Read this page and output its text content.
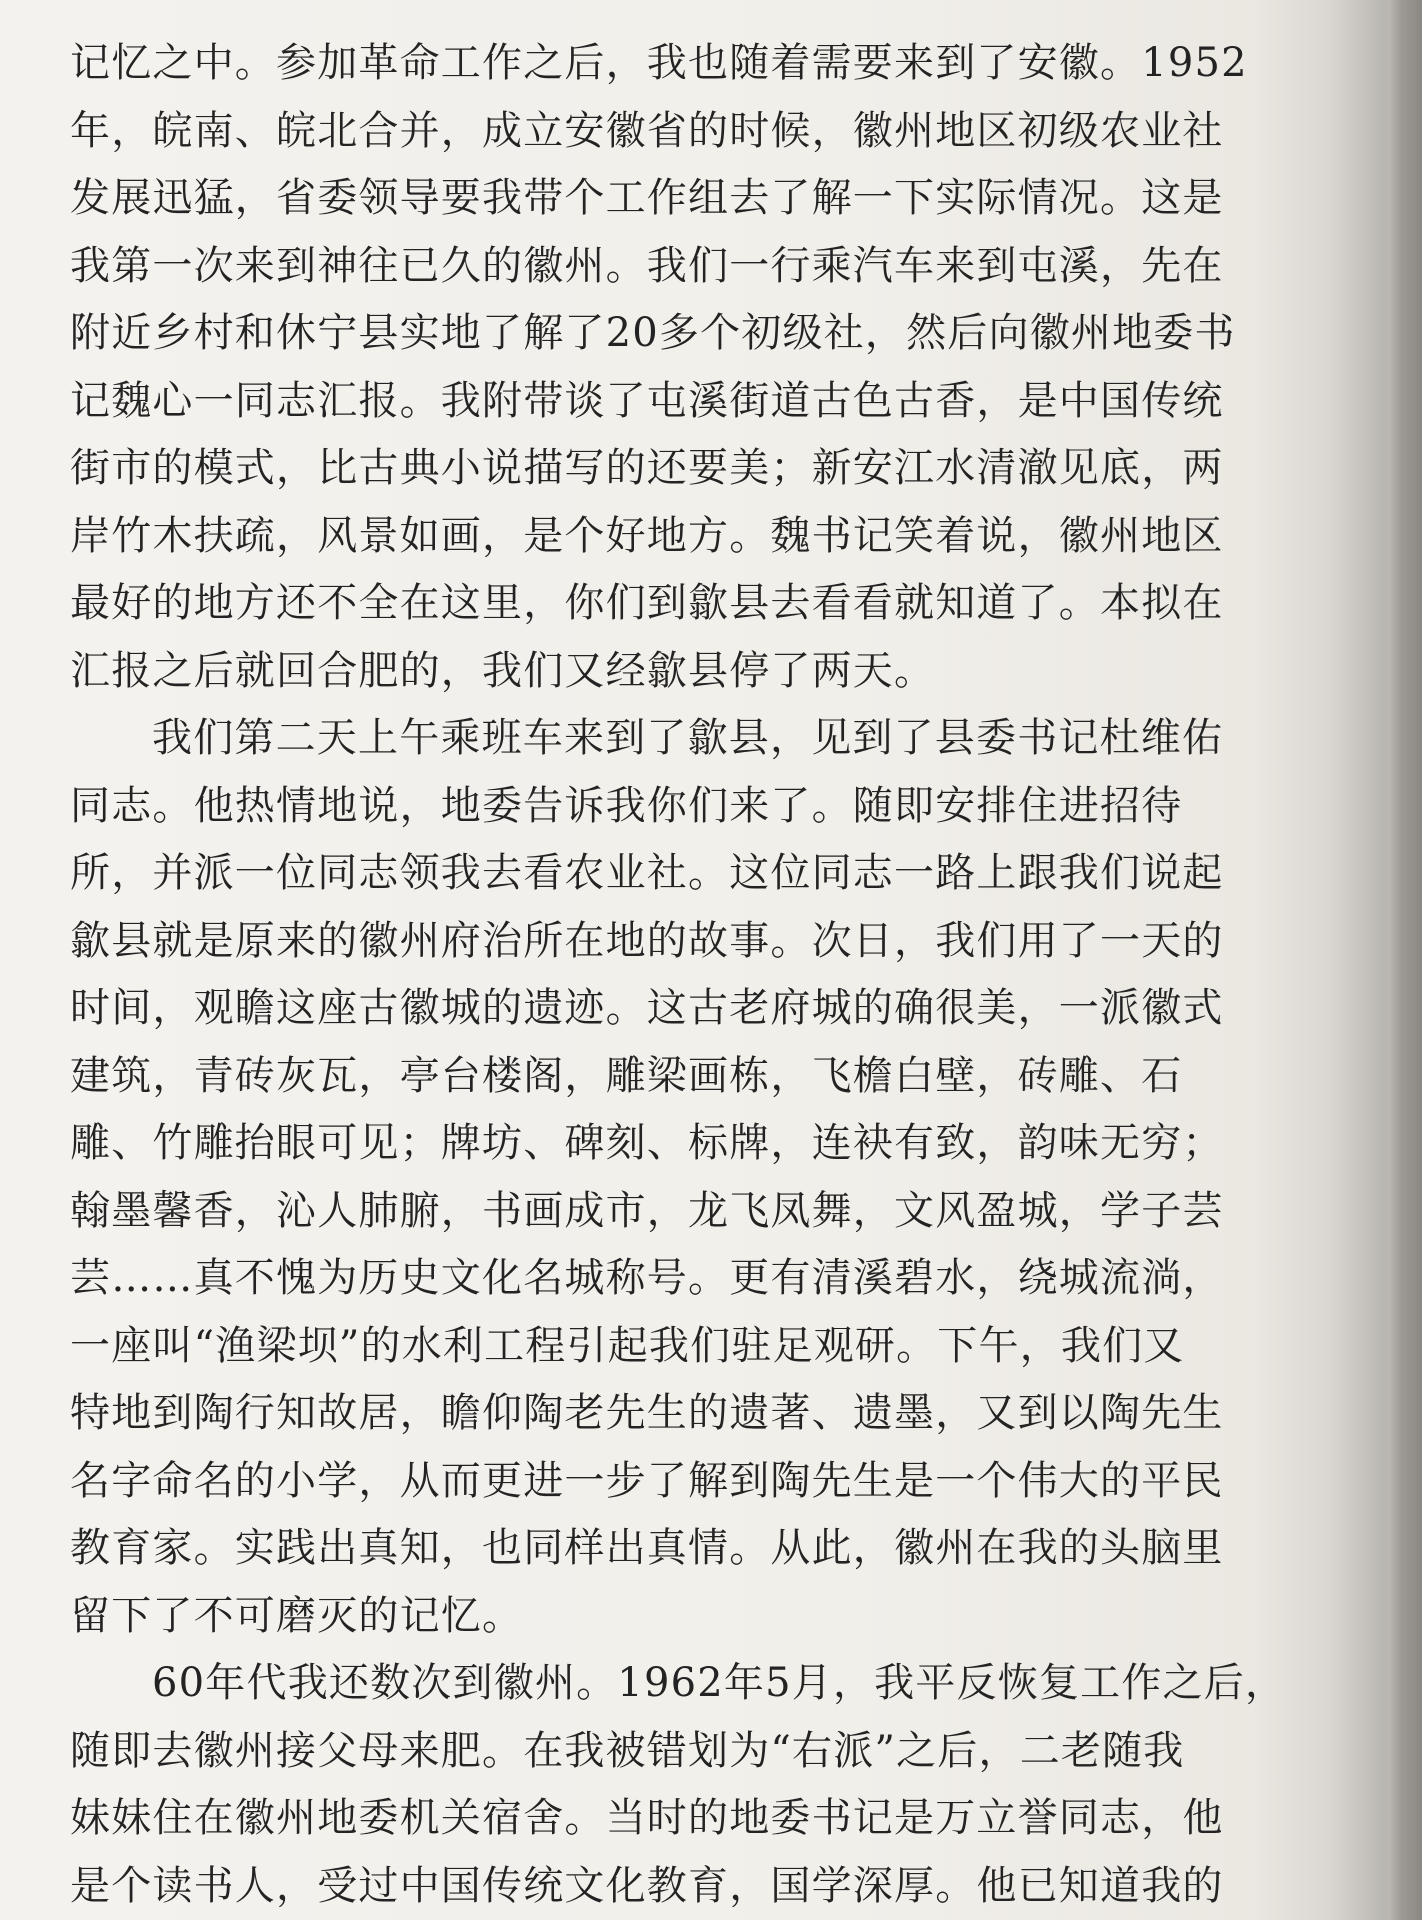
记忆之中。参加革命工作之后，我也随着需要来到了安徽。1952
年，皖南、皖北合并，成立安徽省的时候，徽州地区初级农业社
发展迅猛，省委领导要我带个工作组去了解一下实际情况。这是
我第一次来到神往已久的徽州。我们一行乘汽车来到屯溪，先在
附近乡村和休宁县实地了解了20多个初级社，然后向徽州地委书
记魏心一同志汇报。我附带谈了屯溪街道古色古香，是中国传统
街市的模式，比古典小说描写的还要美；新安江水清澈见底，两
岸竹木扶疏，风景如画，是个好地方。魏书记笑着说，徽州地区
最好的地方还不全在这里，你们到歙县去看看就知道了。本拟在
汇报之后就回合肥的，我们又经歙县停了两天。
我们第二天上午乘班车来到了歙县，见到了县委书记杜维佑
同志。他热情地说，地委告诉我你们来了。随即安排住进招待
所，并派一位同志领我去看农业社。这位同志一路上跟我们说起
歙县就是原来的徽州府治所在地的故事。次日，我们用了一天的
时间，观瞻这座古徽城的遗迹。这古老府城的确很美，一派徽式
建筑，青砖灰瓦，亭台楼阁，雕梁画栋，飞檐白壁，砖雕、石
雕、竹雕抬眼可见；牌坊、碑刻、标牌，连袂有致，韵味无穷；
翰墨馨香，沁人肺腑，书画成市，龙飞凤舞，文风盈城，学子芸
芸……真不愧为历史文化名城称号。更有清溪碧水，绕城流淌，
一座叫“渔梁坝”的水利工程引起我们驻足观研。下午，我们又
特地到陶行知故居，瞻仰陶老先生的遗著、遗墨，又到以陶先生
名字命名的小学，从而更进一步了解到陶先生是一个伟大的平民
教育家。实践出真知，也同样出真情。从此，徽州在我的头脑里
留下了不可磨灭的记忆。
60年代我还数次到徽州。1962年5月，我平反恢复工作之后，
随即去徽州接父母来肥。在我被错划为“右派”之后，二老随我
妹妹住在徽州地委机关宿舍。当时的地委书记是万立誉同志，他
是个读书人，受过中国传统文化教育，国学深厚。他已知道我的
